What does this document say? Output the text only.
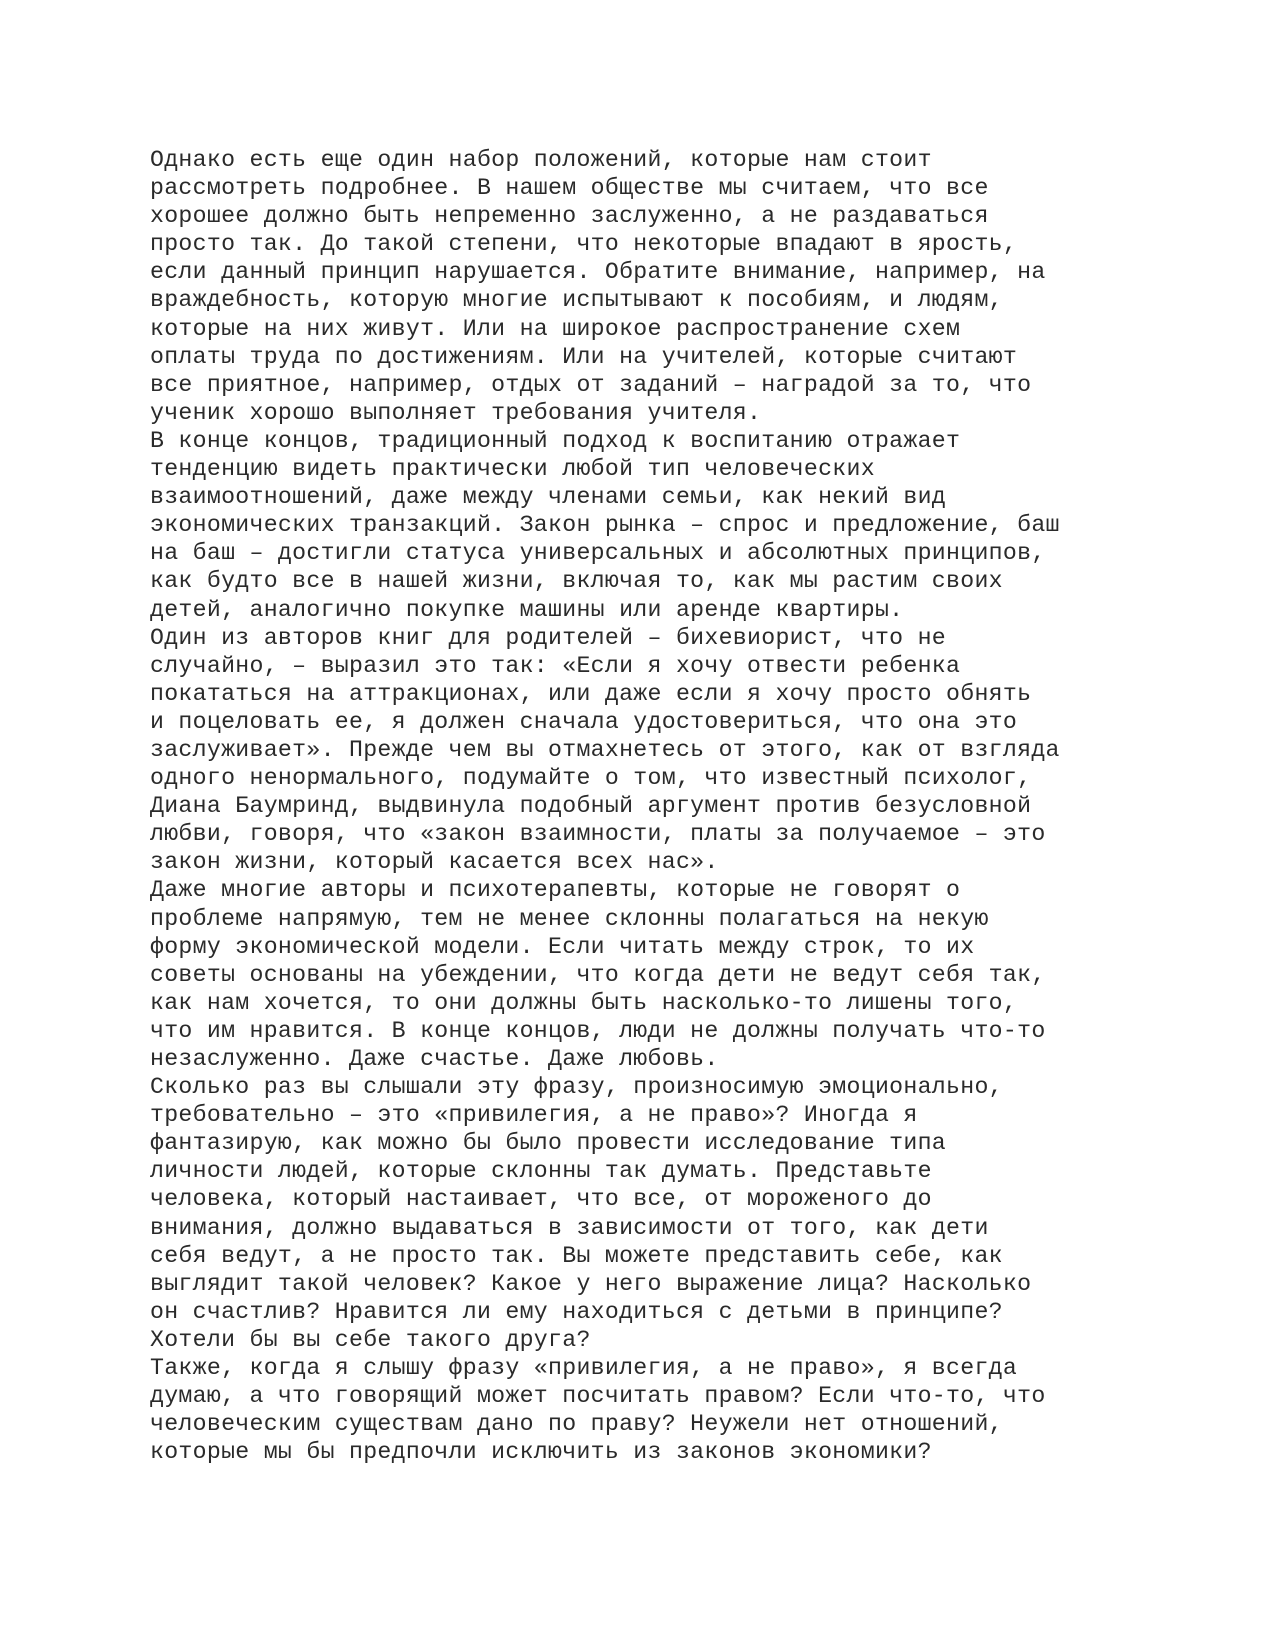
Однако есть еще один набор положений, которые нам стоит
рассмотреть подробнее. В нашем обществе мы считаем, что все
хорошее должно быть непременно заслуженно, а не раздаваться
просто так. До такой степени, что некоторые впадают в ярость,
если данный принцип нарушается. Обратите внимание, например, на
враждебность, которую многие испытывают к пособиям, и людям,
которые на них живут. Или на широкое распространение схем
оплаты труда по достижениям. Или на учителей, которые считают
все приятное, например, отдых от заданий – наградой за то, что
ученик хорошо выполняет требования учителя.
В конце концов, традиционный подход к воспитанию отражает
тенденцию видеть практически любой тип человеческих
взаимоотношений, даже между членами семьи, как некий вид
экономических транзакций. Закон рынка – спрос и предложение, баш
на баш – достигли статуса универсальных и абсолютных принципов,
как будто все в нашей жизни, включая то, как мы растим своих
детей, аналогично покупке машины или аренде квартиры.
Один из авторов книг для родителей – бихевиорист, что не
случайно, – выразил это так: «Если я хочу отвести ребенка
покататься на аттракционах, или даже если я хочу просто обнять
и поцеловать ее, я должен сначала удостовериться, что она это
заслуживает». Прежде чем вы отмахнетесь от этого, как от взгляда
одного ненормального, подумайте о том, что известный психолог,
Диана Баумринд, выдвинула подобный аргумент против безусловной
любви, говоря, что «закон взаимности, платы за получаемое – это
закон жизни, который касается всех нас».
Даже многие авторы и психотерапевты, которые не говорят о
проблеме напрямую, тем не менее склонны полагаться на некую
форму экономической модели. Если читать между строк, то их
советы основаны на убеждении, что когда дети не ведут себя так,
как нам хочется, то они должны быть насколько-то лишены того,
что им нравится. В конце концов, люди не должны получать что-то
незаслуженно. Даже счастье. Даже любовь.
Сколько раз вы слышали эту фразу, произносимую эмоционально,
требовательно – это «привилегия, а не право»? Иногда я
фантазирую, как можно бы было провести исследование типа
личности людей, которые склонны так думать. Представьте
человека, который настаивает, что все, от мороженого до
внимания, должно выдаваться в зависимости от того, как дети
себя ведут, а не просто так. Вы можете представить себе, как
выглядит такой человек? Какое у него выражение лица? Насколько
он счастлив? Нравится ли ему находиться с детьми в принципе?
Хотели бы вы себе такого друга?
Также, когда я слышу фразу «привилегия, а не право», я всегда
думаю, а что говорящий может посчитать правом? Если что-то, что
человеческим существам дано по праву? Неужели нет отношений,
которые мы бы предпочли исключить из законов экономики?
